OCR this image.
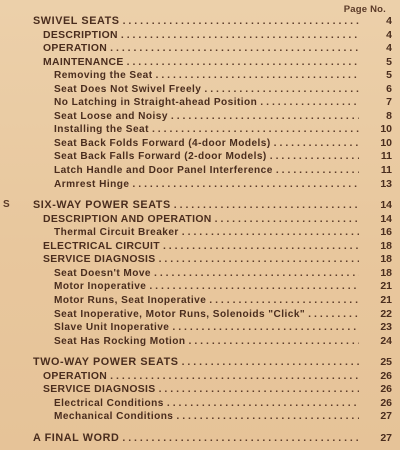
Page No.
S
SWIVEL SEATS . . .	4
DESCRIPTION . . .	4
OPERATION . . .	4
MAINTENANCE . . .	5
Removing the Seat . . .	5
Seat Does Not Swivel Freely . . .	6
No Latching in Straight-ahead Position . . .	7
Seat Loose and Noisy . . .	8
Installing the Seat . . .	10
Seat Back Folds Forward (4-door Models) . . .	10
Seat Back Falls Forward (2-door Models) . . .	11
Latch Handle and Door Panel Interference . . .	11
Armrest Hinge . . .	13
SIX-WAY POWER SEATS . . .	14
DESCRIPTION AND OPERATION . . .	14
Thermal Circuit Breaker . . .	16
ELECTRICAL CIRCUIT . . .	18
SERVICE DIAGNOSIS . . .	18
Seat Doesn't Move . . .	18
Motor Inoperative . . .	21
Motor Runs, Seat Inoperative . . .	21
Seat Inoperative, Motor Runs, Solenoids "Click" . . .	22
Slave Unit Inoperative . . .	23
Seat Has Rocking Motion . . .	24
TWO-WAY POWER SEATS . . .	25
OPERATION . . .	26
SERVICE DIAGNOSIS . . .	26
Electrical Conditions . . .	26
Mechanical Conditions . . .	27
A FINAL WORD . . .	27
